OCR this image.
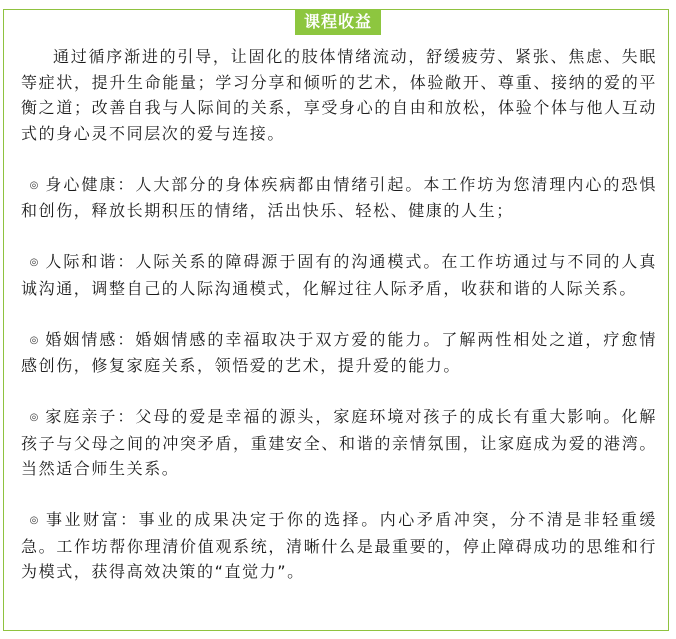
课程收益

通过循序渐进的引导，让固化的肢体情绪流动，舒缓疲劳、紧张、焦虑、失眠等症状，提升生命能量；学习分享和倾听的艺术，体验敞开、尊重、接纳的爱的平衡之道；改善自我与人际间的关系，享受身心的自由和放松，体验个体与他人互动式的身心灵不同层次的爱与连接。

◎ 身心健康：人大部分的身体疾病都由情绪引起。本工作坊为您清理内心的恐惧和创伤，释放长期积压的情绪，活出快乐、轻松、健康的人生；

◎ 人际和谐：人际关系的障碍源于固有的沟通模式。在工作坊通过与不同的人真诚沟通，调整自己的人际沟通模式，化解过往人际矛盾，收获和谐的人际关系。

◎ 婚姻情感：婚姻情感的幸福取决于双方爱的能力。了解两性相处之道，疗愈情感创伤，修复家庭关系，领悟爱的艺术，提升爱的能力。

◎ 家庭亲子：父母的爱是幸福的源头，家庭环境对孩子的成长有重大影响。化解孩子与父母之间的冲突矛盾，重建安全、和谐的亲情氛围，让家庭成为爱的港湾。当然适合师生关系。

◎ 事业财富：事业的成果决定于你的选择。内心矛盾冲突，分不清是非轻重缓急。工作坊帮你理清价值观系统，清晰什么是最重要的，停止障碍成功的思维和行为模式，获得高效决策的“直觉力”。
